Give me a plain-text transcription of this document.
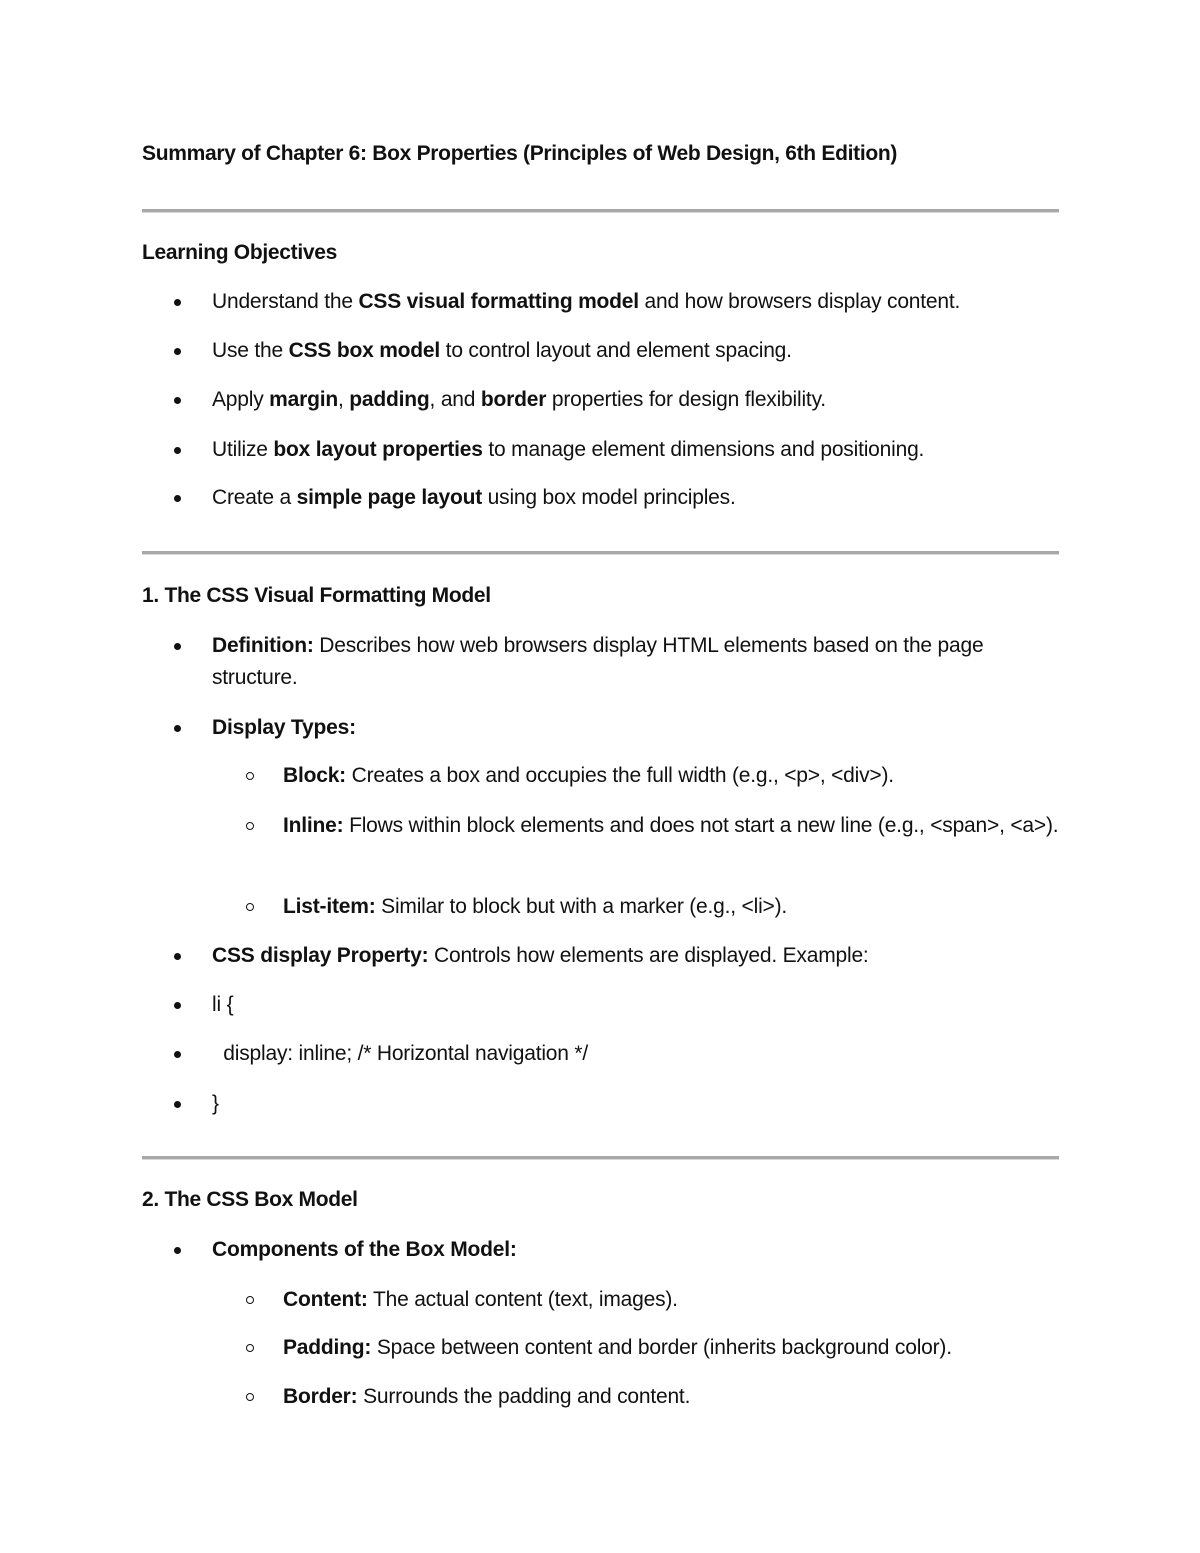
Summary of Chapter 6: Box Properties (Principles of Web Design, 6th Edition)
Learning Objectives
Understand the CSS visual formatting model and how browsers display content.
Use the CSS box model to control layout and element spacing.
Apply margin, padding, and border properties for design flexibility.
Utilize box layout properties to manage element dimensions and positioning.
Create a simple page layout using box model principles.
1. The CSS Visual Formatting Model
Definition: Describes how web browsers display HTML elements based on the page structure.
Display Types:
Block: Creates a box and occupies the full width (e.g., <p>, <div>).
Inline: Flows within block elements and does not start a new line (e.g., <span>, <a>).
List-item: Similar to block but with a marker (e.g., <li>).
CSS display Property: Controls how elements are displayed. Example:
li {
display: inline; /* Horizontal navigation */
}
2. The CSS Box Model
Components of the Box Model:
Content: The actual content (text, images).
Padding: Space between content and border (inherits background color).
Border: Surrounds the padding and content.
